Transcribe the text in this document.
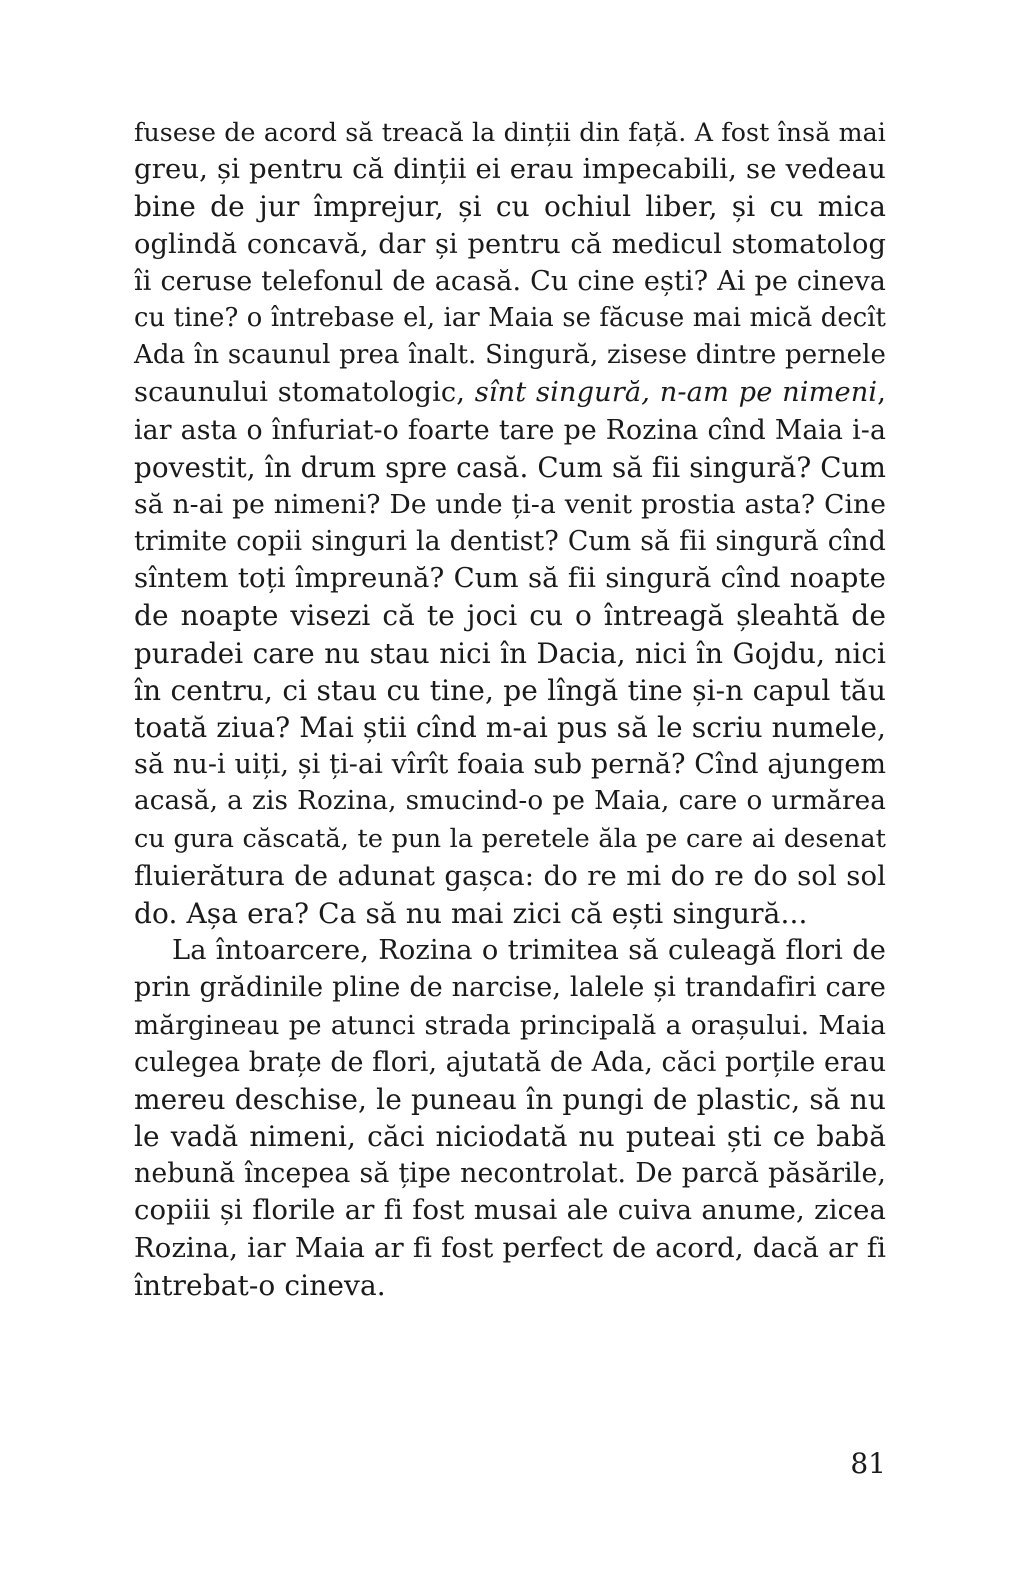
fusese de acord să treacă la dinții din față. A fost însă mai
greu, și pentru că dinții ei erau impecabili, se vedeau
bine de jur împrejur, și cu ochiul liber, și cu mica
oglindă concavă, dar și pentru că medicul stomatolog
îi ceruse telefonul de acasă. Cu cine ești? Ai pe cineva
cu tine? o întrebase el, iar Maia se făcuse mai mică decît
Ada în scaunul prea înalt. Singură, zisese dintre pernele
scaunului stomatologic, sînt singură, n-am pe nimeni,
iar asta o înfuriat-o foarte tare pe Rozina cînd Maia i-a
povestit, în drum spre casă. Cum să fii singură? Cum
să n-ai pe nimeni? De unde ți-a venit prostia asta? Cine
trimite copii singuri la dentist? Cum să fii singură cînd
sîntem toți împreună? Cum să fii singură cînd noapte
de noapte visezi că te joci cu o întreagă șleahtă de
puradei care nu stau nici în Dacia, nici în Gojdu, nici
în centru, ci stau cu tine, pe lîngă tine și-n capul tău
toată ziua? Mai știi cînd m-ai pus să le scriu numele,
să nu-i uiți, și ți-ai vîrît foaia sub pernă? Cînd ajungem
acasă, a zis Rozina, smucind-o pe Maia, care o urmărea
cu gura căscată, te pun la peretele ăla pe care ai desenat
fluierătura de adunat gașca: do re mi do re do sol sol
do. Așa era? Ca să nu mai zici că ești singură...
La întoarcere, Rozina o trimitea să culeagă flori de
prin grădinile pline de narcise, lalele și trandafiri care
mărgineau pe atunci strada principală a orașului. Maia
culegea brațe de flori, ajutată de Ada, căci porțile erau
mereu deschise, le puneau în pungi de plastic, să nu
le vadă nimeni, căci niciodată nu puteai ști ce babă
nebună începea să țipe necontrolat. De parcă păsările,
copiii și florile ar fi fost musai ale cuiva anume, zicea
Rozina, iar Maia ar fi fost perfect de acord, dacă ar fi
întrebat-o cineva.
81
